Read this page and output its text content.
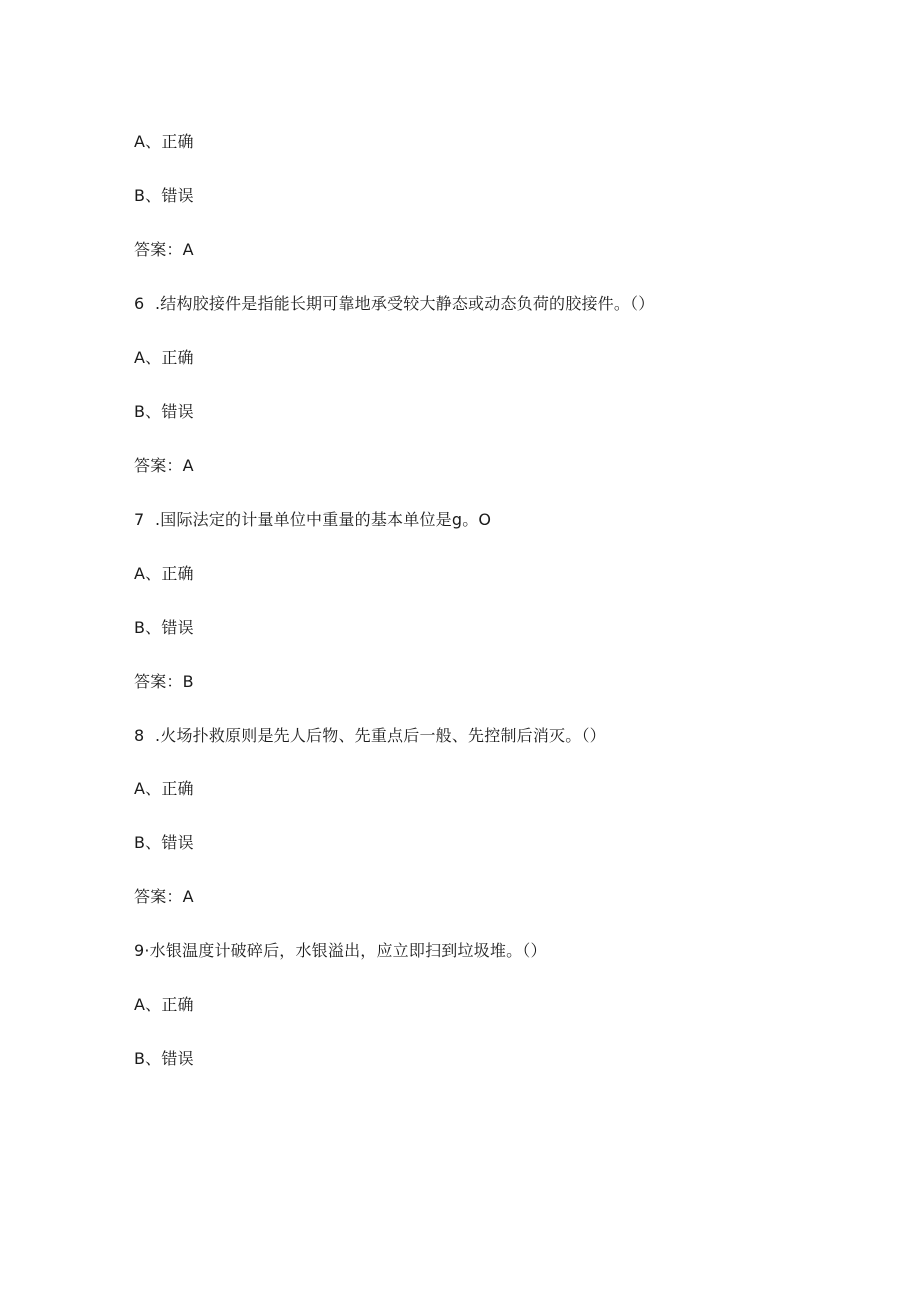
A、正确
B、错误
答案：A
6  .结构胶接件是指能长期可靠地承受较大静态或动态负荷的胶接件。（）
A、正确
B、错误
答案：A
7  .国际法定的计量单位中重量的基本单位是g。O
A、正确
B、错误
答案：B
8  .火场扑救原则是先人后物、先重点后一般、先控制后消灭。（）
A、正确
B、错误
答案：A
9·水银温度计破碎后，水银溢出，应立即扫到垃圾堆。（）
A、正确
B、错误
